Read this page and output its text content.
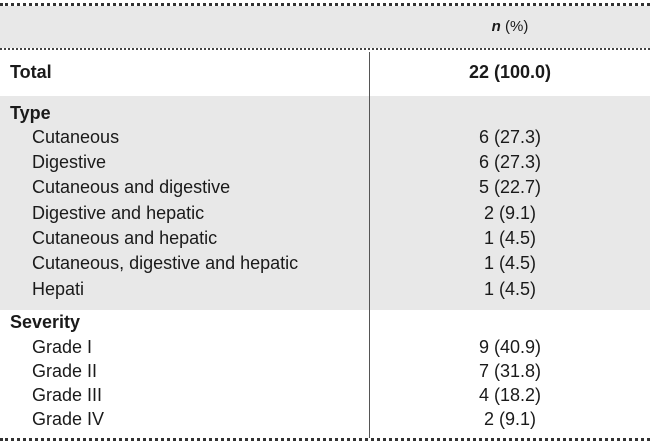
n (%)
Total	22 (100.0)
Type
Cutaneous	6 (27.3)
Digestive	6 (27.3)
Cutaneous and digestive	5 (22.7)
Digestive and hepatic	2 (9.1)
Cutaneous and hepatic	1 (4.5)
Cutaneous, digestive and hepatic	1 (4.5)
Hepati	1 (4.5)
Severity
Grade I	9 (40.9)
Grade II	7 (31.8)
Grade III	4 (18.2)
Grade IV	2 (9.1)
